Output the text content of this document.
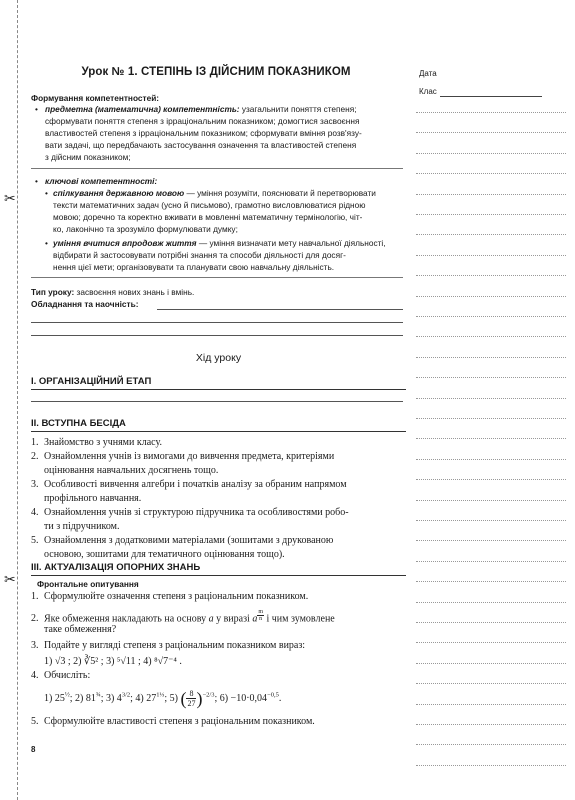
✂
✂
Урок № 1. СТЕПІНЬ ІЗ ДІЙСНИМ ПОКАЗНИКОМ
Формування компетентностей:
• предметна (математична) компетентність: узагальнити поняття степеня;
сформувати поняття степеня з ірраціональним показником; домогтися засвоєння
властивостей степеня з ірраціональним показником; сформувати вміння розв'язу-
вати задачі, що передбачають застосування означення та властивостей степеня
з дійсним показником;
• ключові компетентності:
• спілкування державною мовою — уміння розуміти, пояснювати й перетворювати
тексти математичних задач (усно й письмово), грамотно висловлюватися рідною
мовою; доречно та коректно вживати в мовленні математичну термінологію, чіт-
ко, лаконічно та зрозуміло формулювати думку;
• уміння вчитися впродовж життя — уміння визначати мету навчальної діяльності,
відбирати й застосовувати потрібні знання та способи діяльності для досяг-
нення цієї мети; організовувати та планувати свою навчальну діяльність.
Тип уроку: засвоєння нових знань і вмінь.
Обладнання та наочність:
Хід уроку
І. ОРГАНІЗАЦІЙНИЙ ЕТАП
ІІ. ВСТУПНА БЕСІДА
1. Знайомство з учнями класу.
2. Ознайомлення учнів із вимогами до вивчення предмета, критеріями
оцінювання навчальних досягнень тощо.
3. Особливості вивчення алгебри і початків аналізу за обраним напрямом
профільного навчання.
4. Ознайомлення учнів зі структурою підручника та особливостями робо-
ти з підручником.
5. Ознайомлення з додатковими матеріалами (зошитами з друкованою
основою, зошитами для тематичного оцінювання тощо).
ІІІ. АКТУАЛІЗАЦІЯ ОПОРНИХ ЗНАНЬ
Фронтальне опитування
1. Сформулюйте означення степеня з раціональним показником.
2. Яке обмеження накладають на основу a у виразі a $^{\frac{m}{n}}$ і чим зумовлене
таке обмеження?
3. Подайте у вигляді степеня з раціональним показником вираз:
1) √3 ; 2) ∛5² ; 3) ⁵√11 ; 4) ⁸√7⁻⁴ .
4. Обчисліть:
1) $25^{\frac{1}{2}}$; 2) $81^{\frac{3}{4}}$; 3) $4^{3/2}$; 4) $27^{1\frac{1}{3}}$; 5) ( $\frac{8}{27} )^{-2/3}$; $6) -10\cdot 0,04^{-0,5}$.
5. Сформулюйте властивості степеня з раціональним показником.
8
Дата
Клас
